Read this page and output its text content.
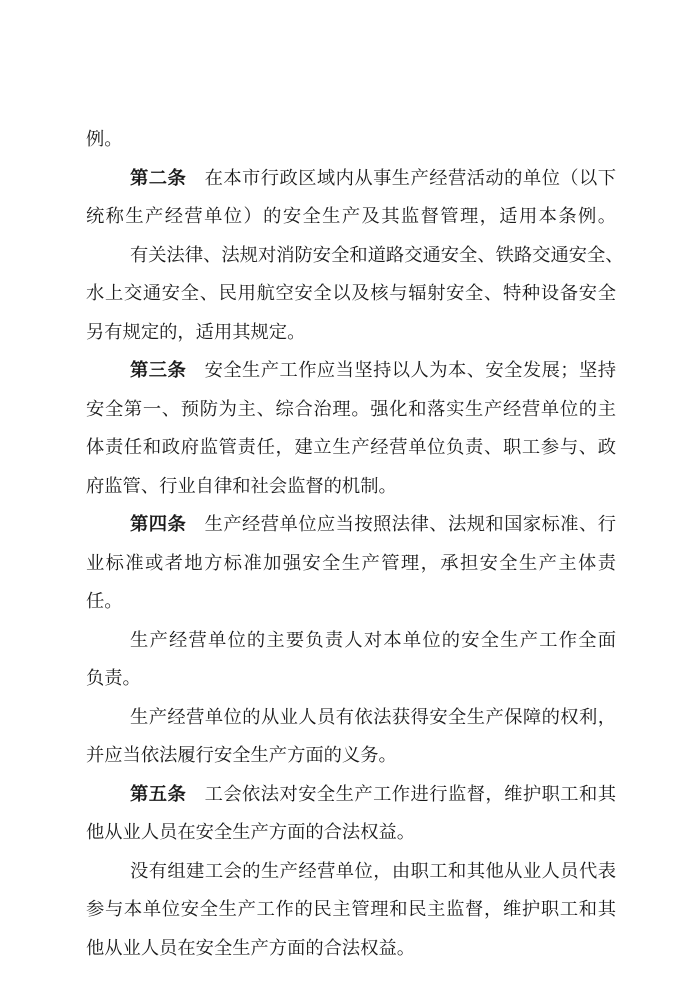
例。
第二条 在本市行政区域内从事生产经营活动的单位（以下
统称生产经营单位）的安全生产及其监督管理，适用本条例。
有关法律、法规对消防安全和道路交通安全、铁路交通安全、
水上交通安全、民用航空安全以及核与辐射安全、特种设备安全
另有规定的，适用其规定。
第三条 安全生产工作应当坚持以人为本、安全发展；坚持
安全第一、预防为主、综合治理。强化和落实生产经营单位的主
体责任和政府监管责任，建立生产经营单位负责、职工参与、政
府监管、行业自律和社会监督的机制。
第四条 生产经营单位应当按照法律、法规和国家标准、行
业标准或者地方标准加强安全生产管理，承担安全生产主体责
任。
生产经营单位的主要负责人对本单位的安全生产工作全面
负责。
生产经营单位的从业人员有依法获得安全生产保障的权利，
并应当依法履行安全生产方面的义务。
第五条 工会依法对安全生产工作进行监督，维护职工和其
他从业人员在安全生产方面的合法权益。
没有组建工会的生产经营单位，由职工和其他从业人员代表
参与本单位安全生产工作的民主管理和民主监督，维护职工和其
他从业人员在安全生产方面的合法权益。
